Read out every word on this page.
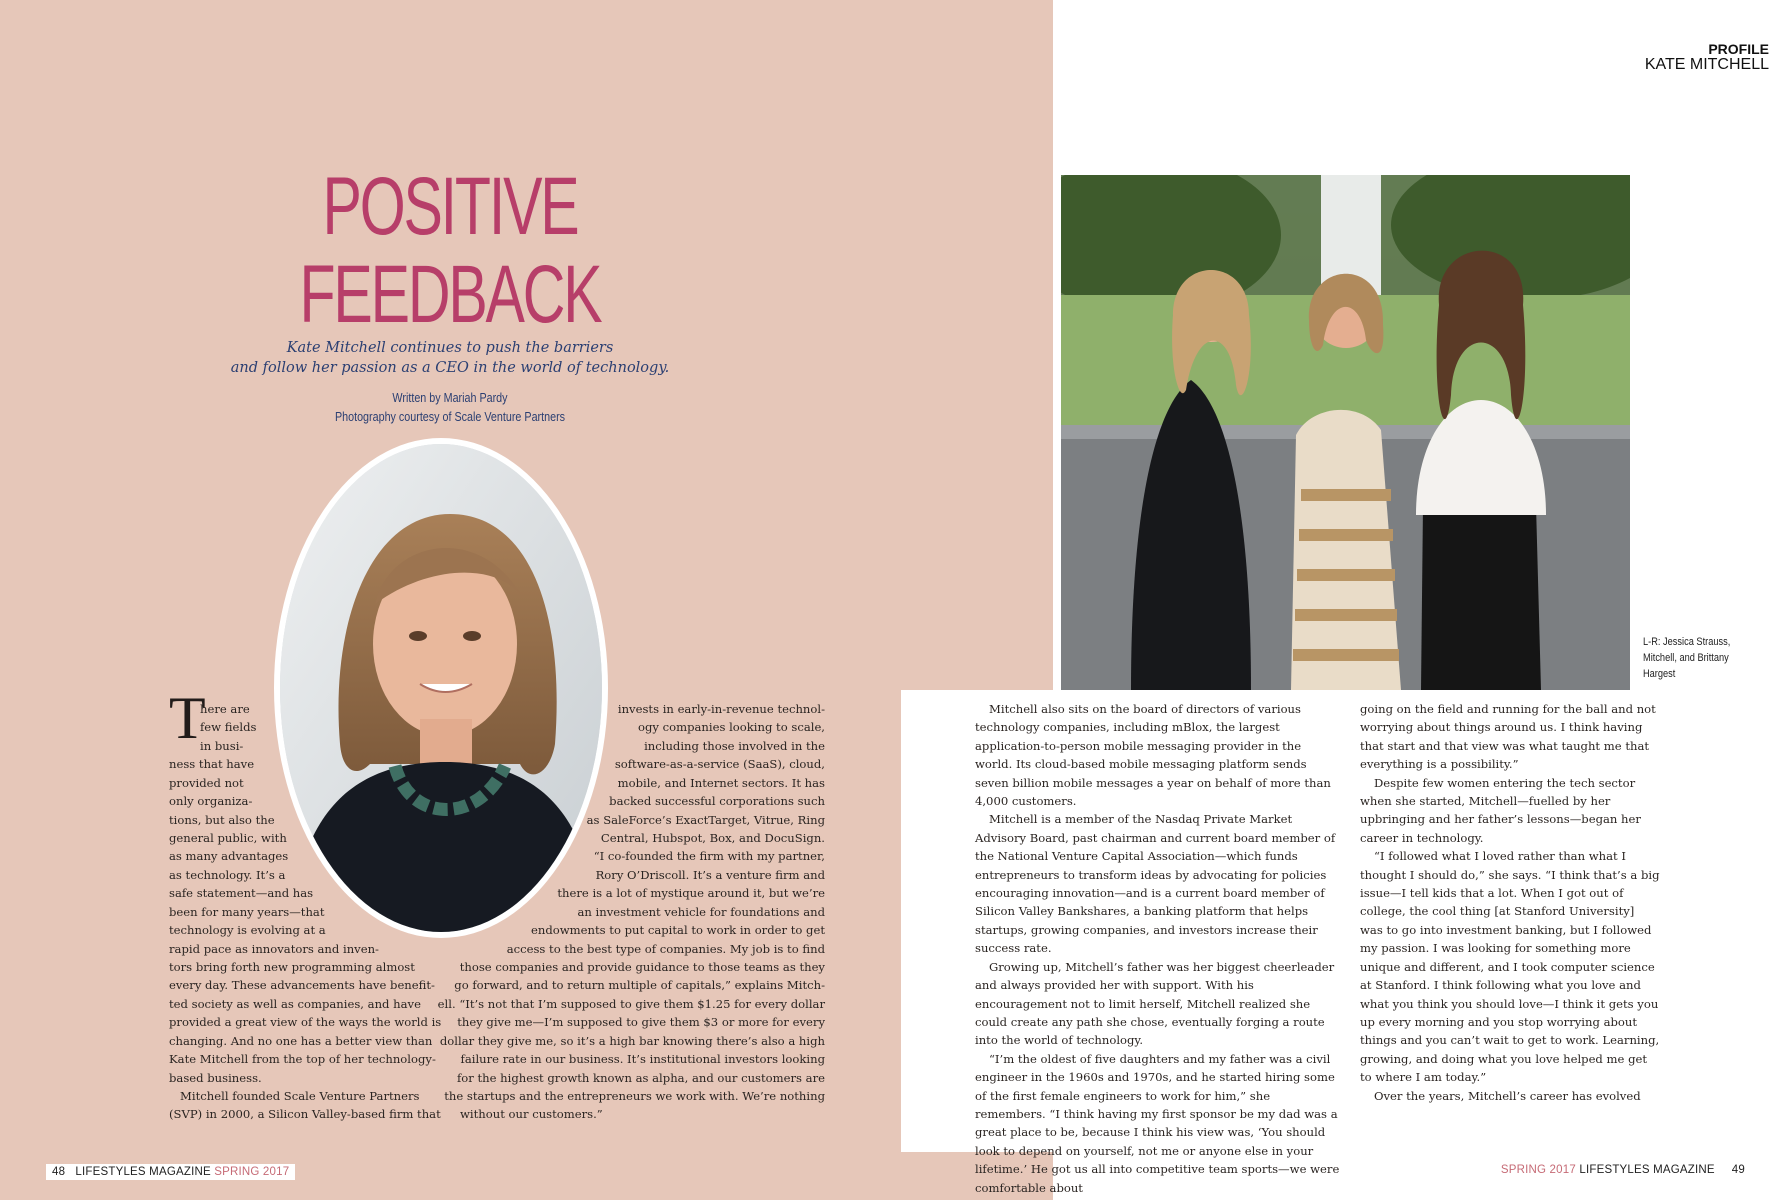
POSITIVE
FEEDBACK
Kate Mitchell continues to push the barriers
and follow her passion as a CEO in the world of technology.
Written by Mariah Pardy
Photography courtesy of Scale Venture Partners
T
here are
few fields
in busi-
ness that have
provided not
only organiza-
tions, but also the
general public, with
as many advantages
as technology. It’s a
safe statement—and has
been for many years—that
technology is evolving at a
rapid pace as innovators and inven-
tors bring forth new programming almost
every day. These advancements have benefit-
ted society as well as companies, and have
provided a great view of the ways the world is
changing. And no one has a better view than
Kate Mitchell from the top of her technology-
based business.
Mitchell founded Scale Venture Partners
(SVP) in 2000, a Silicon Valley-based firm that
invests in early-in-revenue technol-
ogy companies looking to scale,
including those involved in the
software-as-a-service (SaaS), cloud,
mobile, and Internet sectors. It has
backed successful corporations such
as SaleForce’s ExactTarget, Vitrue, Ring
Central, Hubspot, Box, and DocuSign.
“I co-founded the firm with my partner,
Rory O’Driscoll. It’s a venture firm and
there is a lot of mystique around it, but we’re
an investment vehicle for foundations and
endowments to put capital to work in order to get
access to the best type of companies. My job is to find
those companies and provide guidance to those teams as they
go forward, and to return multiple of capitals,” explains Mitch-
ell. “It’s not that I’m supposed to give them $1.25 for every dollar
they give me—I’m supposed to give them $3 or more for every
dollar they give me, so it’s a high bar knowing there’s also a high
failure rate in our business. It’s institutional investors looking
for the highest growth known as alpha, and our customers are
the startups and the entrepreneurs we work with. We’re nothing
without our customers.”
48 LIFESTYLES MAGAZINE SPRING 2017
PROFILE
KATE MITCHELL
L-R: Jessica Strauss, Mitchell, and Brittany Hargest

Mitchell also sits on the board of directors of various technology companies, including mBlox, the largest application-to-person mobile messaging provider in the world. Its cloud-based mobile messaging platform sends seven billion mobile messages a year on behalf of more than 4,000 customers.

Mitchell is a member of the Nasdaq Private Market Advisory Board, past chairman and current board member of the National Venture Capital Association—which funds entrepreneurs to transform ideas by advocating for policies encouraging innovation—and is a current board member of Silicon Valley Bankshares, a banking platform that helps startups, growing companies, and investors increase their success rate.

Growing up, Mitchell’s father was her biggest cheerleader and always provided her with support. With his encouragement not to limit herself, Mitchell realized she could create any path she chose, eventually forging a route into the world of technology.

“I’m the oldest of five daughters and my father was a civil engineer in the 1960s and 1970s, and he started hiring some of the first female engineers to work for him,” she remembers. “I think having my first sponsor be my dad was a great place to be, because I think his view was, ‘You should look to depend on yourself, not me or anyone else in your lifetime.’ He got us all into competitive team sports—we were comfortable about

going on the field and running for the ball and not worrying about things around us. I think having that start and that view was what taught me that everything is a possibility.”

Despite few women entering the tech sector when she started, Mitchell—fuelled by her upbringing and her father’s lessons—began her career in technology.

“I followed what I loved rather than what I thought I should do,” she says. “I think that’s a big issue—I tell kids that a lot. When I got out of college, the cool thing [at Stanford University] was to go into investment banking, but I followed my passion. I was looking for something more unique and different, and I took computer science at Stanford. I think following what you love and what you think you should love—I think it gets you up every morning and you stop worrying about things and you can’t wait to get to work. Learning, growing, and doing what you love helped me get to where I am today.”

Over the years, Mitchell’s career has evolved

SPRING 2017 LIFESTYLES MAGAZINE 49
